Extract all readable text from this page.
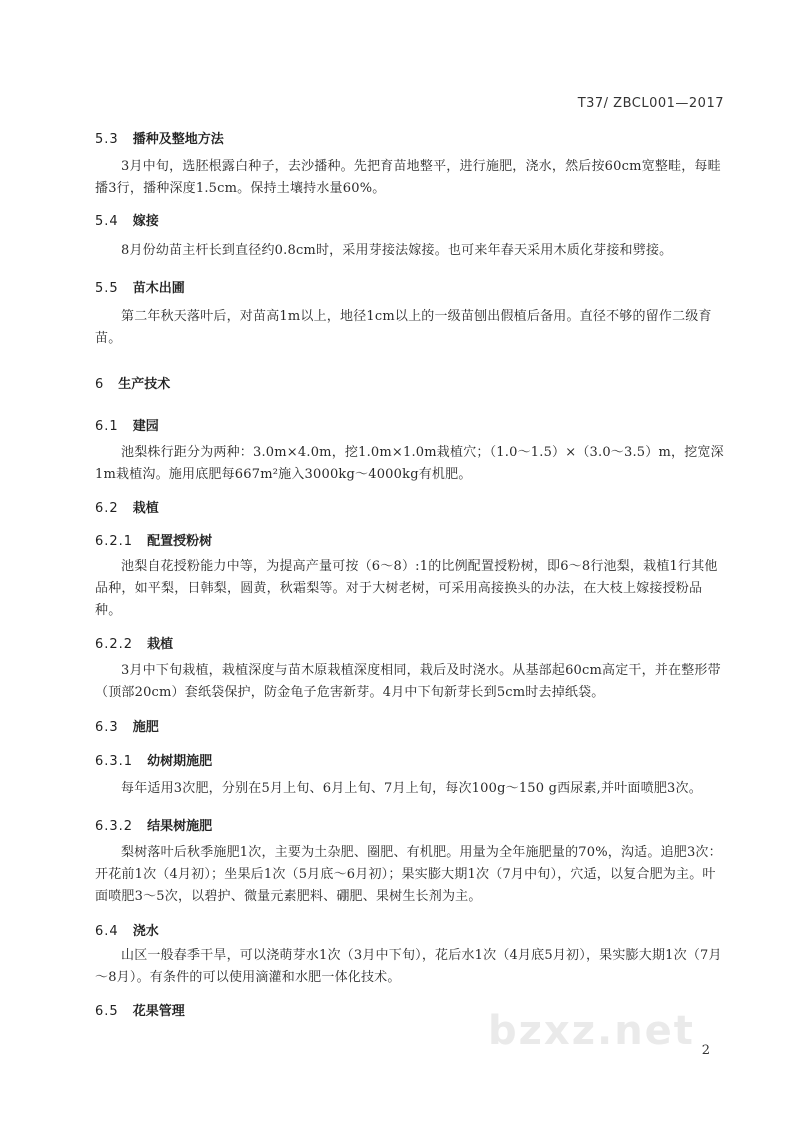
T37/ ZBCL001—2017
5.3 播种及整地方法
3月中旬，选胚根露白种子，去沙播种。先把育苗地整平，进行施肥，浇水，然后按60cm宽整畦，每畦播3行，播种深度1.5cm。保持土壤持水量60%。
5.4 嫁接
8月份幼苗主杆长到直径约0.8cm时，采用芽接法嫁接。也可来年春天采用木质化芽接和劈接。
5.5 苗木出圃
第二年秋天落叶后，对苗高1m以上，地径1cm以上的一级苗刨出假植后备用。直径不够的留作二级育苗。
6 生产技术
6.1 建园
池梨株行距分为两种：3.0m×4.0m，挖1.0m×1.0m栽植穴；（1.0～1.5）×（3.0～3.5）m，挖宽深1m栽植沟。施用底肥每667m²施入3000kg～4000kg有机肥。
6.2 栽植
6.2.1 配置授粉树
池梨自花授粉能力中等，为提高产量可按（6～8）:1的比例配置授粉树，即6～8行池梨，栽植1行其他品种，如平梨，日韩梨，圆黄，秋霜梨等。对于大树老树，可采用高接换头的办法，在大枝上嫁接授粉品种。
6.2.2 栽植
3月中下旬栽植，栽植深度与苗木原栽植深度相同，栽后及时浇水。从基部起60cm高定干，并在整形带（顶部20cm）套纸袋保护，防金龟子危害新芽。4月中下旬新芽长到5cm时去掉纸袋。
6.3 施肥
6.3.1 幼树期施肥
每年适用3次肥，分别在5月上旬、6月上旬、7月上旬，每次100g～150 g西尿素,并叶面喷肥3次。
6.3.2 结果树施肥
梨树落叶后秋季施肥1次，主要为土杂肥、圈肥、有机肥。用量为全年施肥量的70%，沟适。追肥3次：开花前1次（4月初）；坐果后1次（5月底～6月初）；果实膨大期1次（7月中旬），穴适，以复合肥为主。叶面喷肥3～5次，以碧护、微量元素肥料、硼肥、果树生长剂为主。
6.4 浇水
山区一般春季干旱，可以浇萌芽水1次（3月中下旬），花后水1次（4月底5月初），果实膨大期1次（7月～8月）。有条件的可以使用滴灌和水肥一体化技术。
6.5 花果管理	bzxz.net 2
